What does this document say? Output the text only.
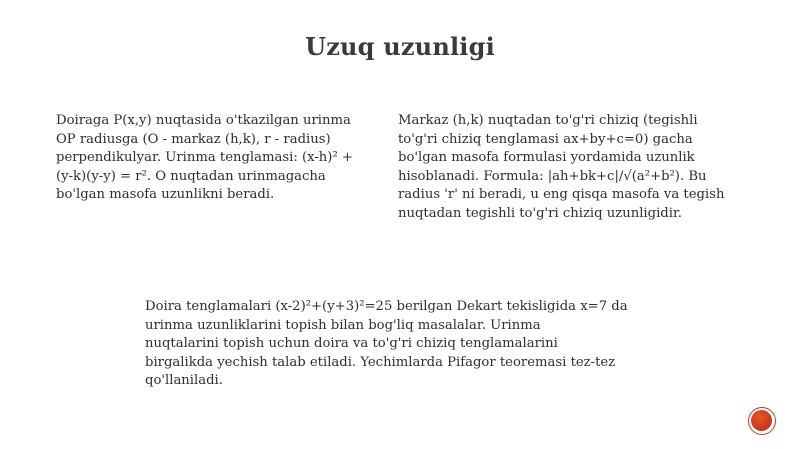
Uzuq uzunligi
Doiraga P(x,y) nuqtasida o'tkazilgan urinma
OP radiusga (O - markaz (h,k), r - radius)
perpendikulyar. Urinma tenglamasi: (x-h)² +
(y-k)(y-y) = r². O nuqtadan urinmagacha
bo'lgan masofa uzunlikni beradi.
Markaz (h,k) nuqtadan to'g'ri chiziq (tegishli
to'g'ri chiziq tenglamasi ax+by+c=0) gacha
bo'lgan masofa formulasi yordamida uzunlik
hisoblanadi. Formula: |ah+bk+c|/√(a²+b²). Bu
radius 'r' ni beradi, u eng qisqa masofa va tegish
nuqtadan tegishli to'g'ri chiziq uzunligidir.
Doira tenglamalari (x-2)²+(y+3)²=25 berilgan Dekart tekisligida x=7 da
urinma uzunliklarini topish bilan bog'liq masalalar. Urinma
nuqtalarini topish uchun doira va to'g'ri chiziq tenglamalarini
birgalikda yechish talab etiladi. Yechimlarda Pifagor teoremasi tez-tez
qo'llaniladi.
